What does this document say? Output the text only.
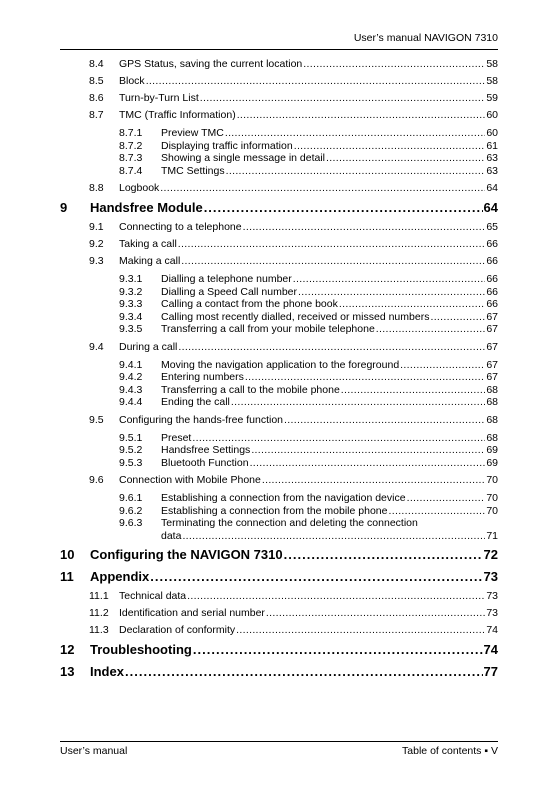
User’s manual NAVIGON 7310
8.4	GPS Status, saving the current location . . .	58
8.5	Block . . .	58
8.6	Turn-by-Turn List . . .	59
8.7	TMC (Traffic Information) . . .	60
8.7.1	Preview TMC . . .	60
8.7.2	Displaying traffic information . . .	61
8.7.3	Showing a single message in detail . . .	63
8.7.4	TMC Settings . . .	63
8.8	Logbook . . .	64
9	Handsfree Module . . .	64
9.1	Connecting to a telephone . . .	65
9.2	Taking a call . . .	66
9.3	Making a call . . .	66
9.3.1	Dialling a telephone number . . .	66
9.3.2	Dialling a Speed Call number . . .	66
9.3.3	Calling a contact from the phone book . . .	66
9.3.4	Calling most recently dialled, received or missed numbers . . .	67
9.3.5	Transferring a call from your mobile telephone . . .	67
9.4	During a call . . .	67
9.4.1	Moving the navigation application to the foreground . . .	67
9.4.2	Entering numbers . . .	67
9.4.3	Transferring a call to the mobile phone . . .	68
9.4.4	Ending the call . . .	68
9.5	Configuring the hands-free function . . .	68
9.5.1	Preset . . .	68
9.5.2	Handsfree Settings . . .	69
9.5.3	Bluetooth Function . . .	69
9.6	Connection with Mobile Phone . . .	70
9.6.1	Establishing a connection from the navigation device . . .	70
9.6.2	Establishing a connection from the mobile phone . . .	70
9.6.3	Terminating the connection and deleting the connection
data . . .	71
10	Configuring the NAVIGON 7310 . . .	72
11	Appendix . . .	73
11.1 Technical data . . .	73
11.2 Identification and serial number . . .	73
11.3 Declaration of conformity . . .	74
12	Troubleshooting . . .	74
13	Index . . .	77
User’s manual	Table of contents ▪ V
